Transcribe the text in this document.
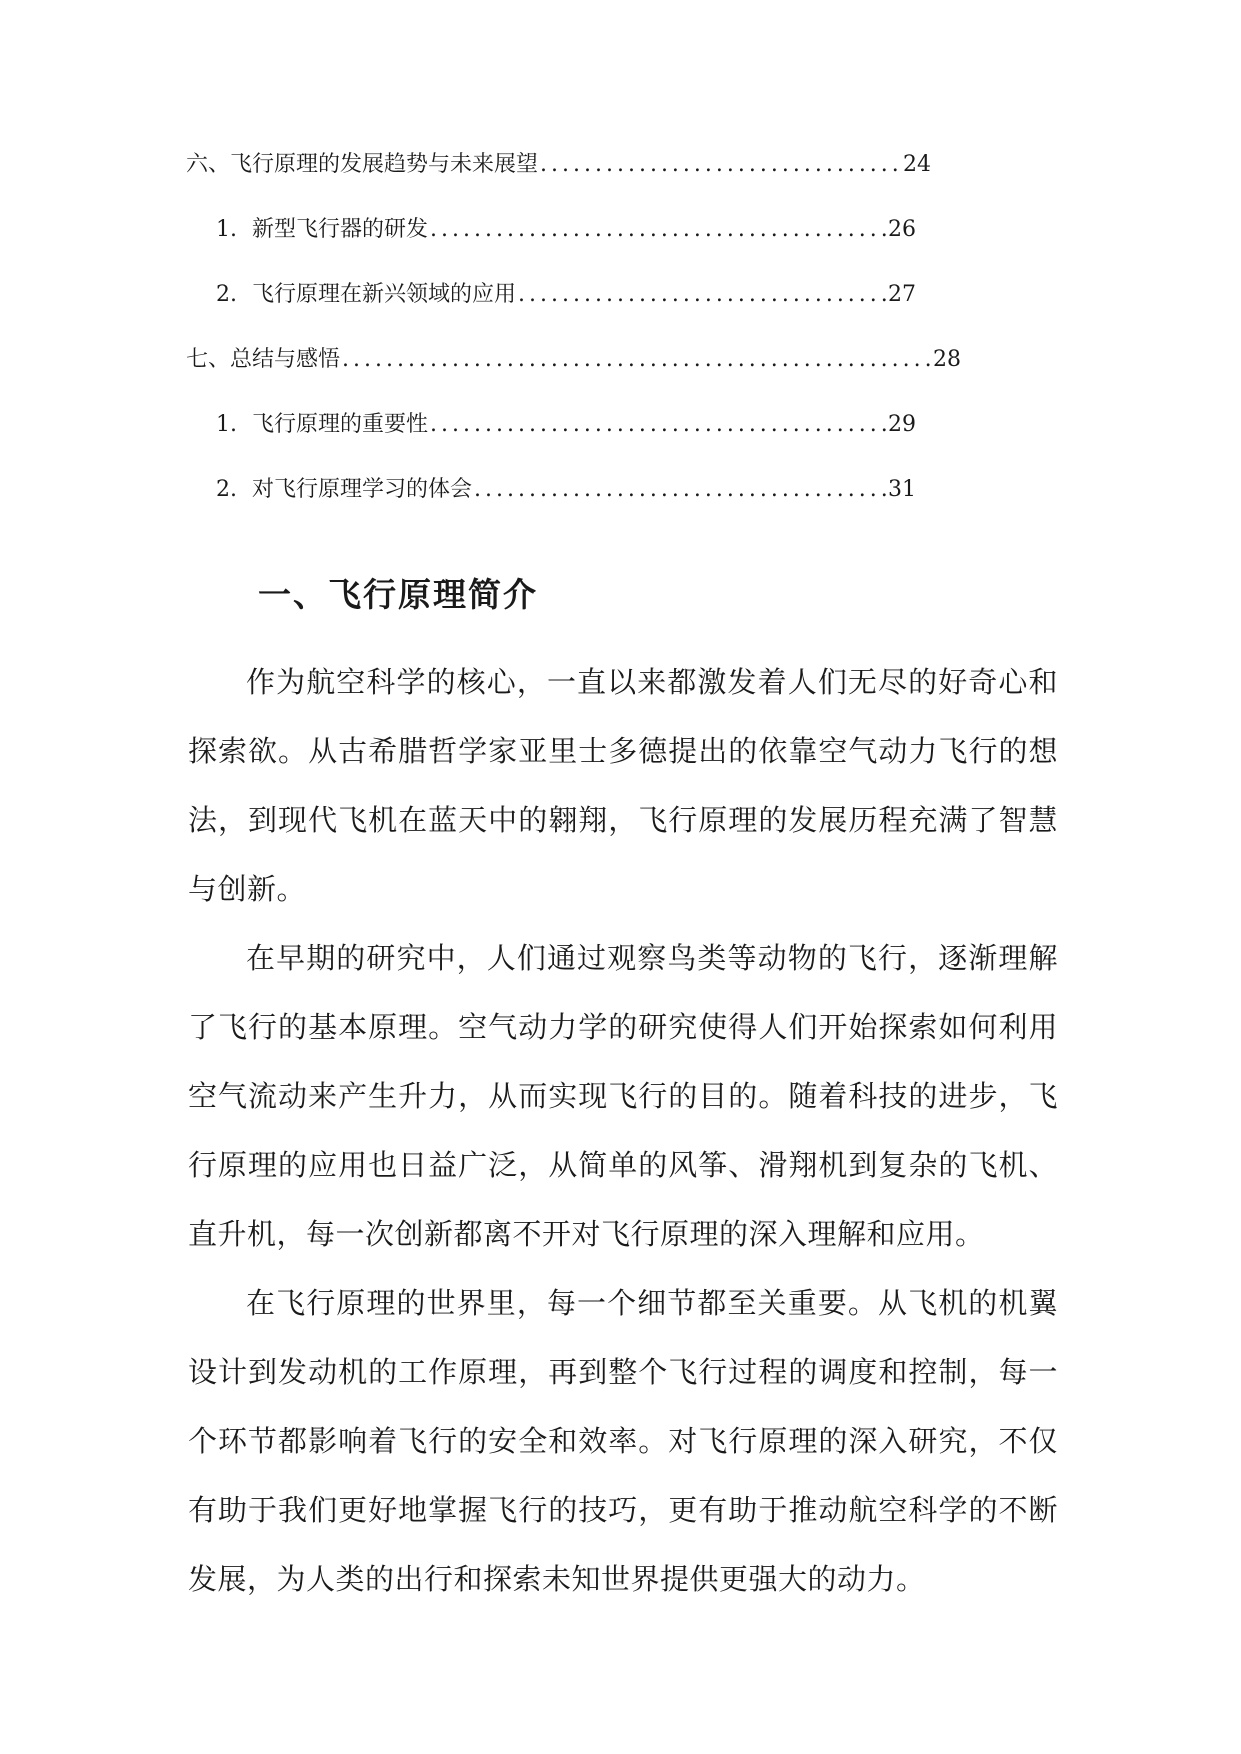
六、飞行原理的发展趋势与未来展望 .....	24
1. 新型飞行器的研发 .....	26
2. 飞行原理在新兴领域的应用 .....	27
七、总结与感悟 .....	28
1. 飞行原理的重要性 .....	29
2. 对飞行原理学习的体会 .....	31
一、飞行原理简介

作为航空科学的核心，一直以来都激发着人们无尽的好奇心和探索欲。从古希腊哲学家亚里士多德提出的依靠空气动力飞行的想法，到现代飞机在蓝天中的翱翔，飞行原理的发展历程充满了智慧与创新。

在早期的研究中，人们通过观察鸟类等动物的飞行，逐渐理解了飞行的基本原理。空气动力学的研究使得人们开始探索如何利用空气流动来产生升力，从而实现飞行的目的。随着科技的进步，飞行原理的应用也日益广泛，从简单的风筝、滑翔机到复杂的飞机、直升机，每一次创新都离不开对飞行原理的深入理解和应用。

在飞行原理的世界里，每一个细节都至关重要。从飞机的机翼设计到发动机的工作原理，再到整个飞行过程的调度和控制，每一个环节都影响着飞行的安全和效率。对飞行原理的深入研究，不仅有助于我们更好地掌握飞行的技巧，更有助于推动航空科学的不断发展，为人类的出行和探索未知世界提供更强大的动力。
